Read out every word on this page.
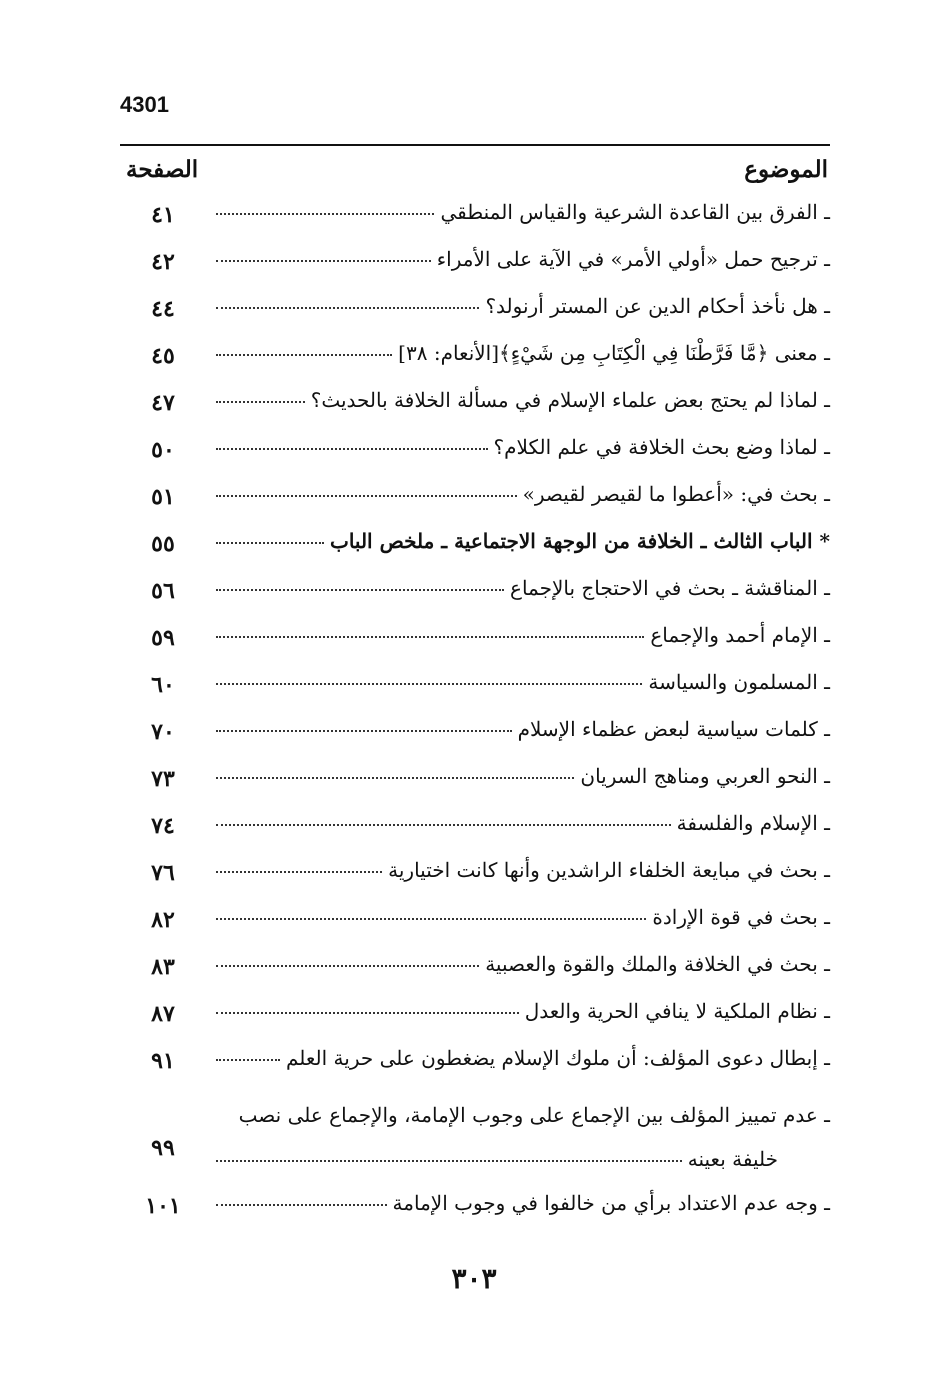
4301
الموضوع
الصفحة
ـ الفرق بين القاعدة الشرعية والقياس المنطقي
٤١
ـ ترجيح حمل «أولي الأمر» في الآية على الأمراء
٤٢
ـ هل نأخذ أحكام الدين عن المستر أرنولد؟
٤٤
ـ معنى ﴿مَّا فَرَّطْنَا فِي الْكِتَابِ مِن شَيْءٍ﴾[الأنعام: ٣٨]
٤٥
ـ لماذا لم يحتج بعض علماء الإسلام في مسألة الخلافة بالحديث؟
٤٧
ـ لماذا وضع بحث الخلافة في علم الكلام؟
٥٠
ـ بحث في: «أعطوا ما لقيصر لقيصر»
٥١
* الباب الثالث ـ الخلافة من الوجهة الاجتماعية ـ ملخص الباب
٥٥
ـ المناقشة ـ بحث في الاحتجاج بالإجماع
٥٦
ـ الإمام أحمد والإجماع
٥٩
ـ المسلمون والسياسة
٦٠
ـ كلمات سياسية لبعض عظماء الإسلام
٧٠
ـ النحو العربي ومناهج السريان
٧٣
ـ الإسلام والفلسفة
٧٤
ـ بحث في مبايعة الخلفاء الراشدين وأنها كانت اختيارية
٧٦
ـ بحث في قوة الإرادة
٨٢
ـ بحث في الخلافة والملك والقوة والعصبية
٨٣
ـ نظام الملكية لا ينافي الحرية والعدل
٨٧
ـ إبطال دعوى المؤلف: أن ملوك الإسلام يضغطون على حرية العلم
٩١
ـ عدم تمييز المؤلف بين الإجماع على وجوب الإمامة، والإجماع على نصب
خليفة بعينه
٩٩
ـ وجه عدم الاعتداد برأي من خالفوا في وجوب الإمامة
١٠١
٣٠٣
